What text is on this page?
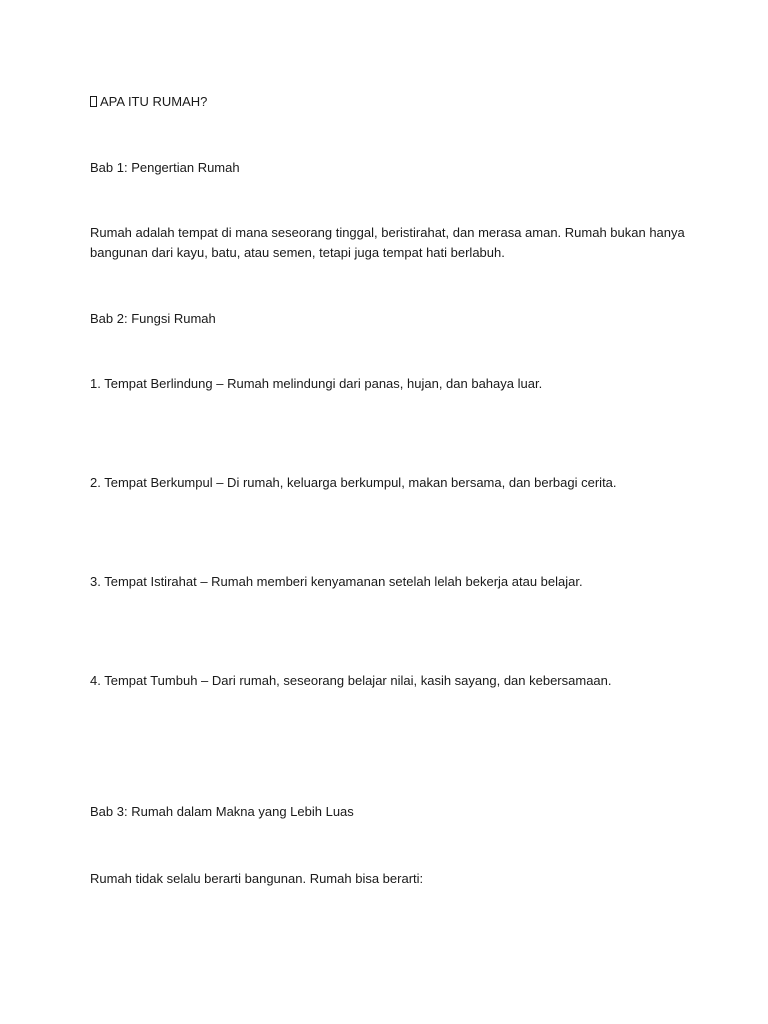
APA ITU RUMAH?

Bab 1: Pengertian Rumah

Rumah adalah tempat di mana seseorang tinggal, beristirahat, dan merasa aman. Rumah bukan hanya bangunan dari kayu, batu, atau semen, tetapi juga tempat hati berlabuh.

Bab 2: Fungsi Rumah

1. Tempat Berlindung – Rumah melindungi dari panas, hujan, dan bahaya luar.

2. Tempat Berkumpul – Di rumah, keluarga berkumpul, makan bersama, dan berbagi cerita.

3. Tempat Istirahat – Rumah memberi kenyamanan setelah lelah bekerja atau belajar.

4. Tempat Tumbuh – Dari rumah, seseorang belajar nilai, kasih sayang, dan kebersamaan.

Bab 3: Rumah dalam Makna yang Lebih Luas

Rumah tidak selalu berarti bangunan. Rumah bisa berarti:
